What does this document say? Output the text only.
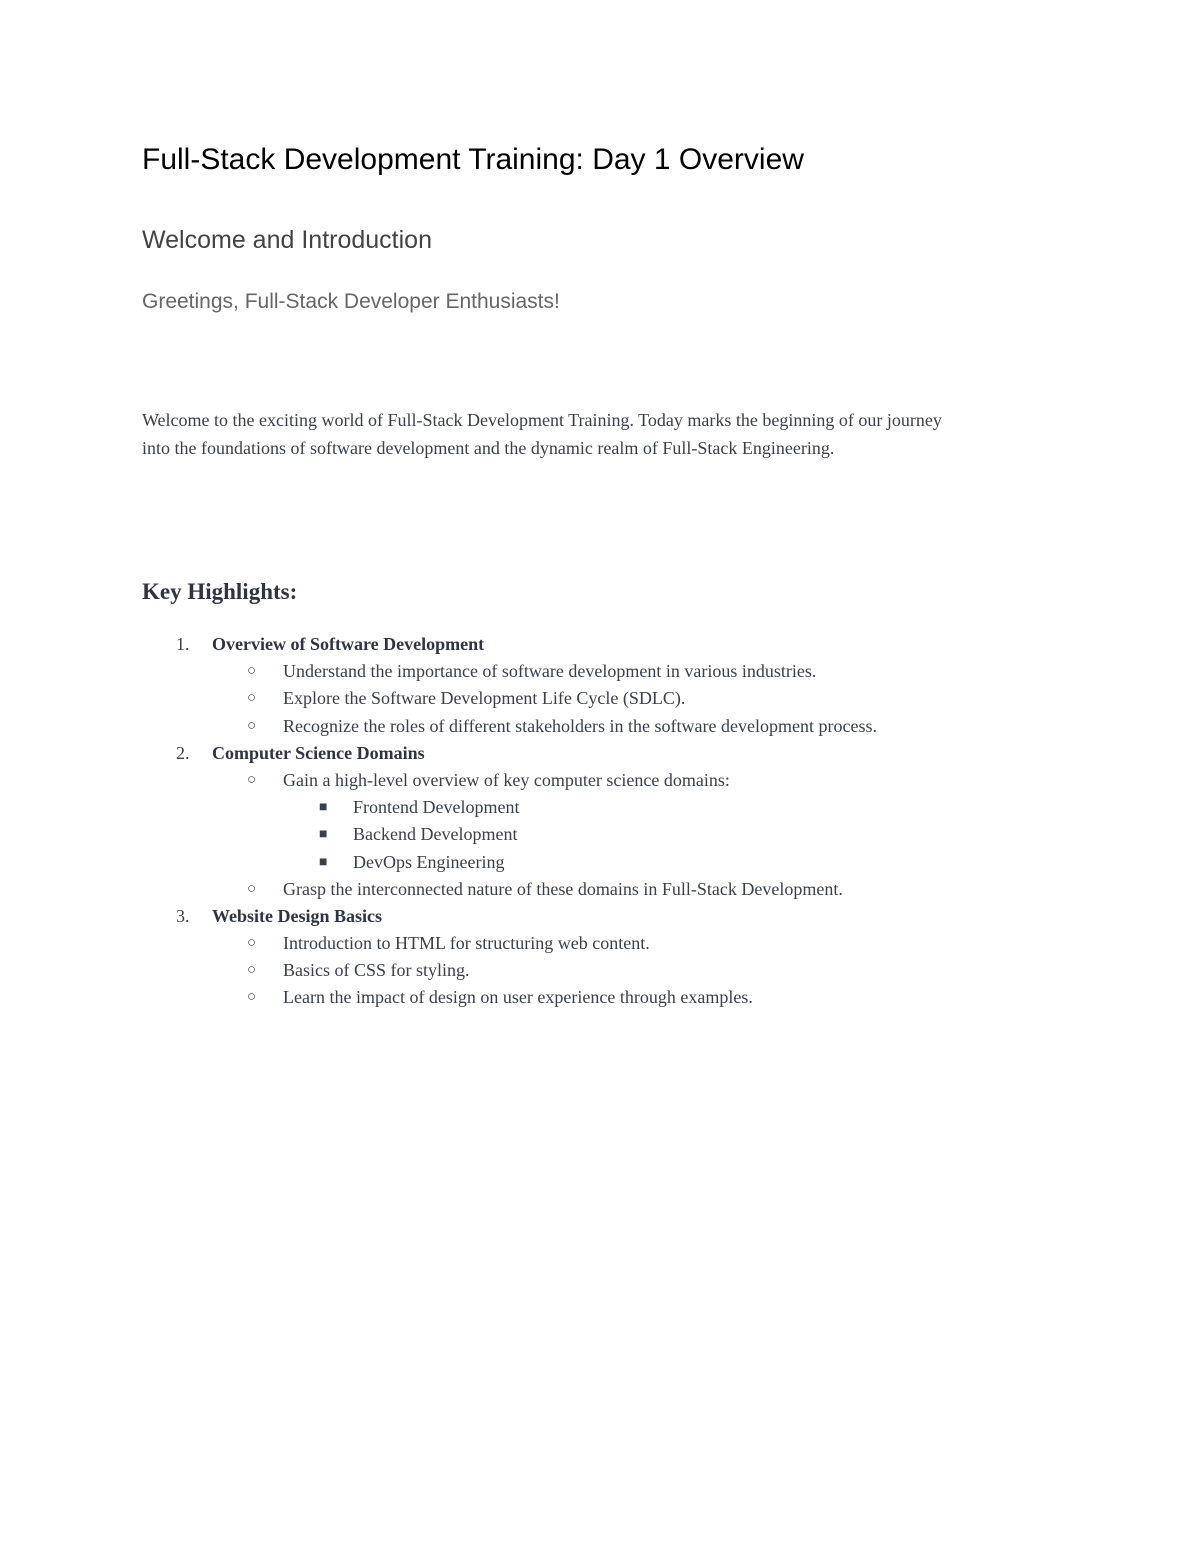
Full-Stack Development Training: Day 1 Overview
Welcome and Introduction

Greetings, Full-Stack Developer Enthusiasts!

Welcome to the exciting world of Full-Stack Development Training. Today marks the beginning of our journey
into the foundations of software development and the dynamic realm of Full-Stack Engineering.
Key Highlights:
1. Overview of Software Development
○ Understand the importance of software development in various industries.
○ Explore the Software Development Life Cycle (SDLC).
○ Recognize the roles of different stakeholders in the software development process.
2. Computer Science Domains
○ Gain a high-level overview of key computer science domains:
■ Frontend Development
■ Backend Development
■ DevOps Engineering
○ Grasp the interconnected nature of these domains in Full-Stack Development.
3. Website Design Basics
○ Introduction to HTML for structuring web content.
○ Basics of CSS for styling.
○ Learn the impact of design on user experience through examples.
